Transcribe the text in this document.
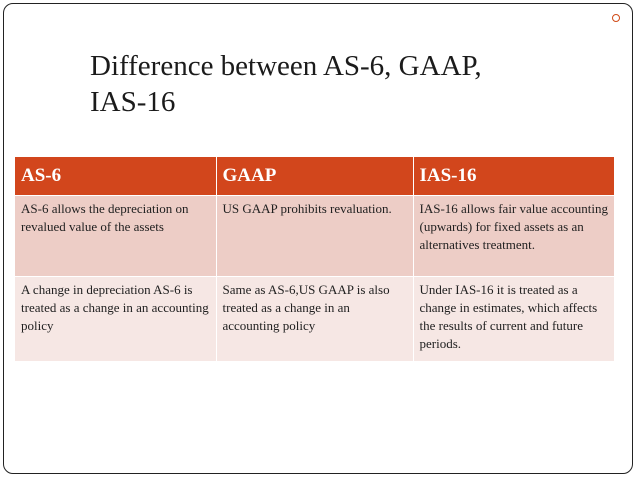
Difference between AS-6, GAAP,
IAS-16
AS-6	GAAP	IAS-16
AS-6 allows the depreciation on revalued value of the assets	US GAAP prohibits revaluation.	IAS-16 allows fair value accounting (upwards) for fixed assets as an alternatives treatment.
A change in depreciation AS-6 is treated as a change in an accounting policy	Same as AS-6,US GAAP is also treated as a change in an accounting policy	Under IAS-16 it is treated as a change in estimates, which affects the results of current and future periods.
